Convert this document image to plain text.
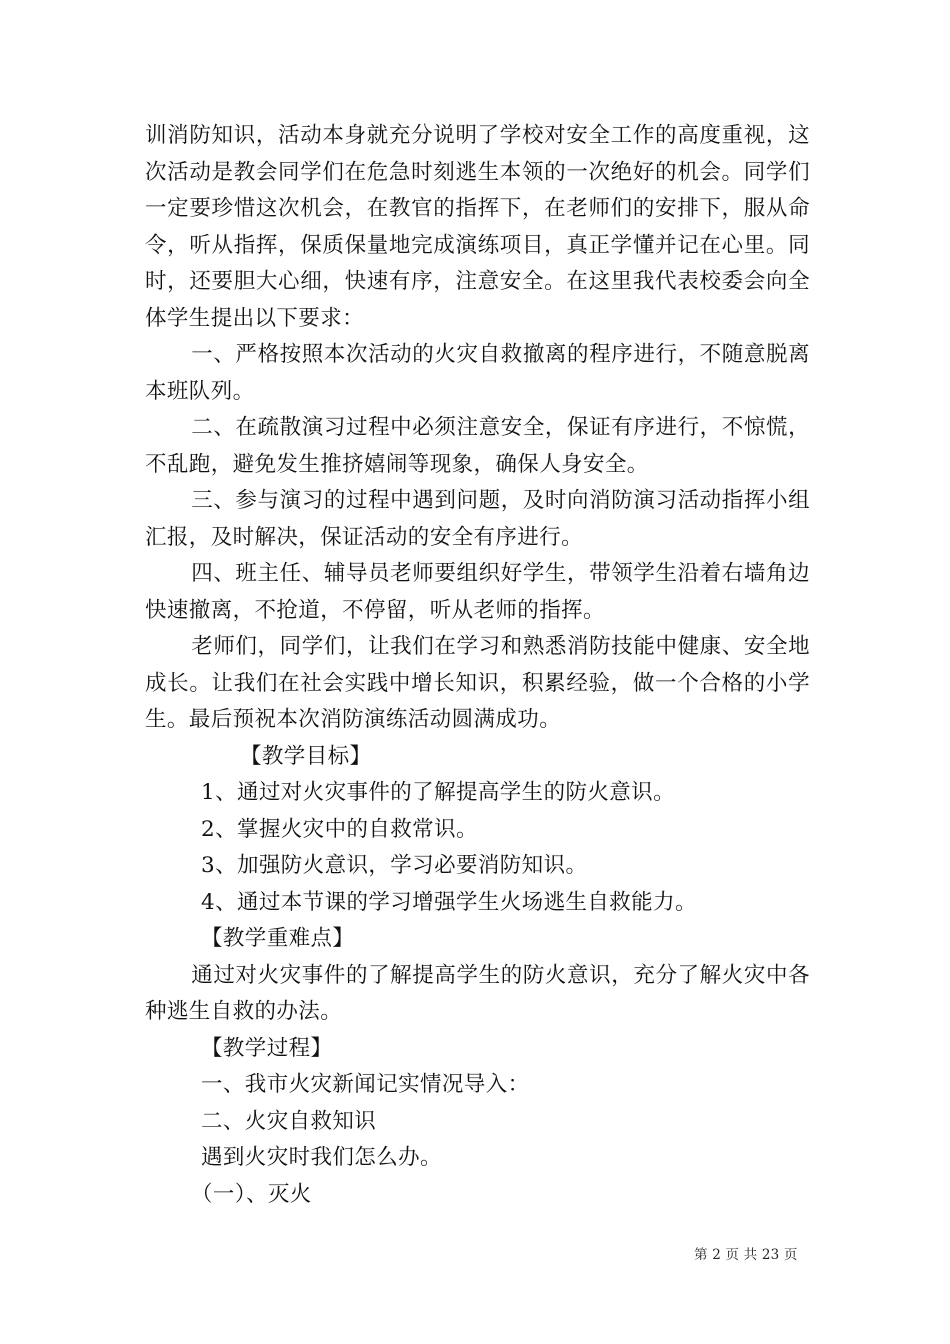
训消防知识，活动本身就充分说明了学校对安全工作的高度重视，这次活动是教会同学们在危急时刻逃生本领的一次绝好的机会。同学们一定要珍惜这次机会，在教官的指挥下，在老师们的安排下，服从命令，听从指挥，保质保量地完成演练项目，真正学懂并记在心里。同时，还要胆大心细，快速有序，注意安全。在这里我代表校委会向全体学生提出以下要求：

一、严格按照本次活动的火灾自救撤离的程序进行，不随意脱离本班队列。

二、在疏散演习过程中必须注意安全，保证有序进行，不惊慌，不乱跑，避免发生推挤嬉闹等现象，确保人身安全。

三、参与演习的过程中遇到问题，及时向消防演习活动指挥小组汇报，及时解决，保证活动的安全有序进行。

四、班主任、辅导员老师要组织好学生，带领学生沿着右墙角边快速撤离，不抢道，不停留，听从老师的指挥。

老师们，同学们，让我们在学习和熟悉消防技能中健康、安全地成长。让我们在社会实践中增长知识，积累经验，做一个合格的小学生。最后预祝本次消防演练活动圆满成功。

【教学目标】

1、通过对火灾事件的了解提高学生的防火意识。

2、掌握火灾中的自救常识。

3、加强防火意识，学习必要消防知识。

4、通过本节课的学习增强学生火场逃生自救能力。

【教学重难点】

通过对火灾事件的了解提高学生的防火意识，充分了解火灾中各种逃生自救的办法。

【教学过程】

一、我市火灾新闻记实情况导入：

二、火灾自救知识

遇到火灾时我们怎么办。

（一）、灭火

第 2 页 共 23 页
